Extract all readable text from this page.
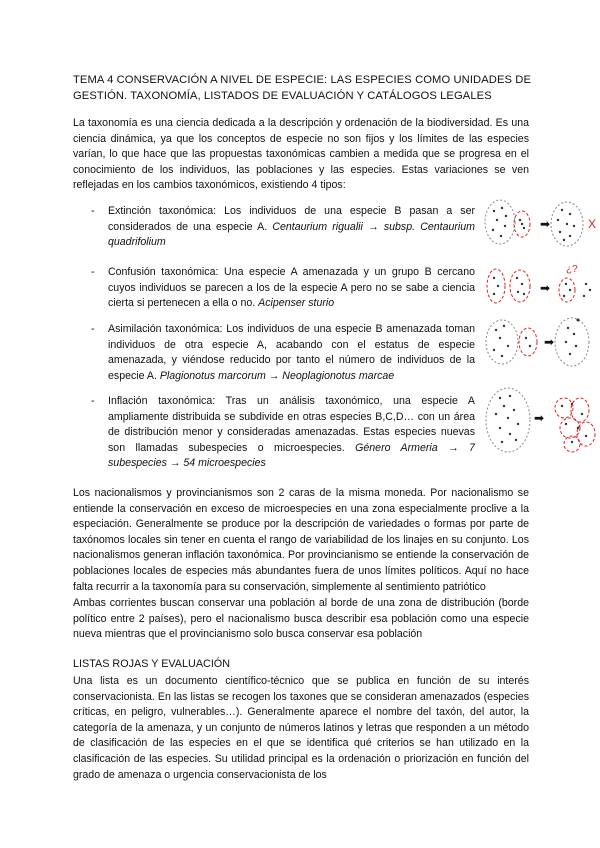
TEMA 4 CONSERVACIÓN A NIVEL DE ESPECIE: LAS ESPECIES COMO UNIDADES DE GESTIÓN. TAXONOMÍA, LISTADOS DE EVALUACIÓN Y CATÁLOGOS LEGALES
La taxonomía es una ciencia dedicada a la descripción y ordenación de la biodiversidad. Es una ciencia dinámica, ya que los conceptos de especie no son fijos y los límites de las especies varían, lo que hace que las propuestas taxonómicas cambien a medida que se progresa en el conocimiento de los individuos, las poblaciones y las especies. Estas variaciones se ven reflejadas en los cambios taxonómicos, existiendo 4 tipos:
- Extinción taxonómica: Los individuos de una especie B pasan a ser considerados de una especie A. Centaurium rigualii → subsp. Centaurium quadrifolium
- Confusión taxonómica: Una especie A amenazada y un grupo B cercano cuyos individuos se parecen a los de la especie A pero no se sabe a ciencia cierta si pertenecen a ella o no. Acipenser sturio
- Asimilación taxonómica: Los individuos de una especie B amenazada toman individuos de otra especie A, acabando con el estatus de especie amenazada, y viéndose reducido por tanto el número de individuos de la especie A. Plagionotus marcorum → Neoplagionotus marcae
- Inflación taxonómica: Tras un análisis taxonómico, una especie A ampliamente distribuida se subdivide en otras especies B,C,D… con un área de distribución menor y consideradas amenazadas. Estas especies nuevas son llamadas subespecies o microespecies. Género Armeria → 7 subespecies → 54 microespecies
➡	X
➡
¿?
➡
➡
Los nacionalismos y provincianismos son 2 caras de la misma moneda. Por nacionalismo se entiende la conservación en exceso de microespecies en una zona especialmente proclive a la especiación. Generalmente se produce por la descripción de variedades o formas por parte de taxónomos locales sin tener en cuenta el rango de variabilidad de los linajes en su conjunto. Los nacionalismos generan inflación taxonómica. Por provincianismo se entiende la conservación de poblaciones locales de especies más abundantes fuera de unos límites políticos. Aquí no hace falta recurrir a la taxonomía para su conservación, simplemente al sentimiento patriótico
Ambas corrientes buscan conservar una población al borde de una zona de distribución (borde político entre 2 países), pero el nacionalismo busca describir esa población como una especie nueva mientras que el provincianismo solo busca conservar esa población
LISTAS ROJAS Y EVALUACIÓN
Una lista es un documento científico-técnico que se publica en función de su interés conservacionista. En las listas se recogen los taxones que se consideran amenazados (especies críticas, en peligro, vulnerables…). Generalmente aparece el nombre del taxón, del autor, la categoría de la amenaza, y un conjunto de números latinos y letras que responden a un método de clasificación de las especies en el que se identifica qué criterios se han utilizado en la clasificación de las especies. Su utilidad principal es la ordenación o priorización en función del grado de amenaza o urgencia conservacionista de los
